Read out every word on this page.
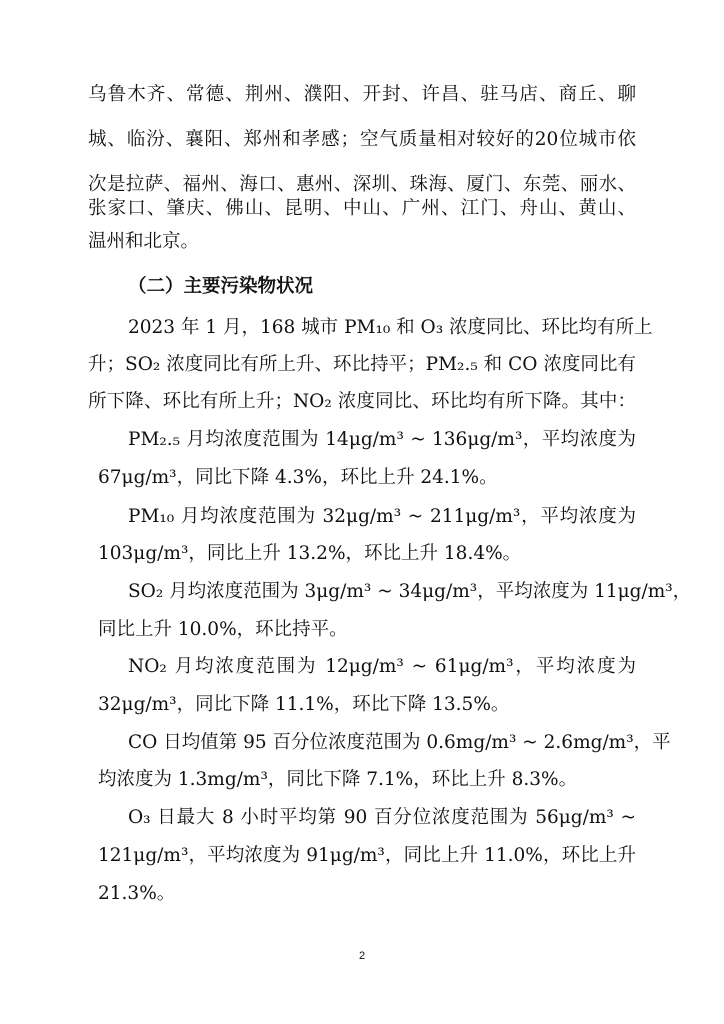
乌鲁木齐、常德、荆州、濮阳、开封、许昌、驻马店、商丘、聊
城、临汾、襄阳、郑州和孝感；空气质量相对较好的20位城市依
次是拉萨、福州、海口、惠州、深圳、珠海、厦门、东莞、丽水、
张家口、肇庆、佛山、昆明、中山、广州、江门、舟山、黄山、
温州和北京。
（二）主要污染物状况
2023 年 1 月，168 城市 PM₁₀ 和 O₃ 浓度同比、环比均有所上
升；SO₂ 浓度同比有所上升、环比持平；PM₂.₅ 和 CO 浓度同比有
所下降、环比有所上升；NO₂ 浓度同比、环比均有所下降。其中：
PM₂.₅ 月均浓度范围为 14μg/m³ ~ 136μg/m³，平均浓度为
67μg/m³，同比下降 4.3%，环比上升 24.1%。
PM₁₀ 月均浓度范围为 32μg/m³ ~ 211μg/m³，平均浓度为
103μg/m³，同比上升 13.2%，环比上升 18.4%。
SO₂ 月均浓度范围为 3μg/m³ ~ 34μg/m³，平均浓度为 11μg/m³，
同比上升 10.0%，环比持平。
NO₂ 月均浓度范围为 12μg/m³ ~ 61μg/m³，平均浓度为
32μg/m³，同比下降 11.1%，环比下降 13.5%。
CO 日均值第 95 百分位浓度范围为 0.6mg/m³ ~ 2.6mg/m³，平
均浓度为 1.3mg/m³，同比下降 7.1%，环比上升 8.3%。
O₃ 日最大 8 小时平均第 90 百分位浓度范围为 56μg/m³ ~
121μg/m³，平均浓度为 91μg/m³，同比上升 11.0%，环比上升
21.3%。
2
